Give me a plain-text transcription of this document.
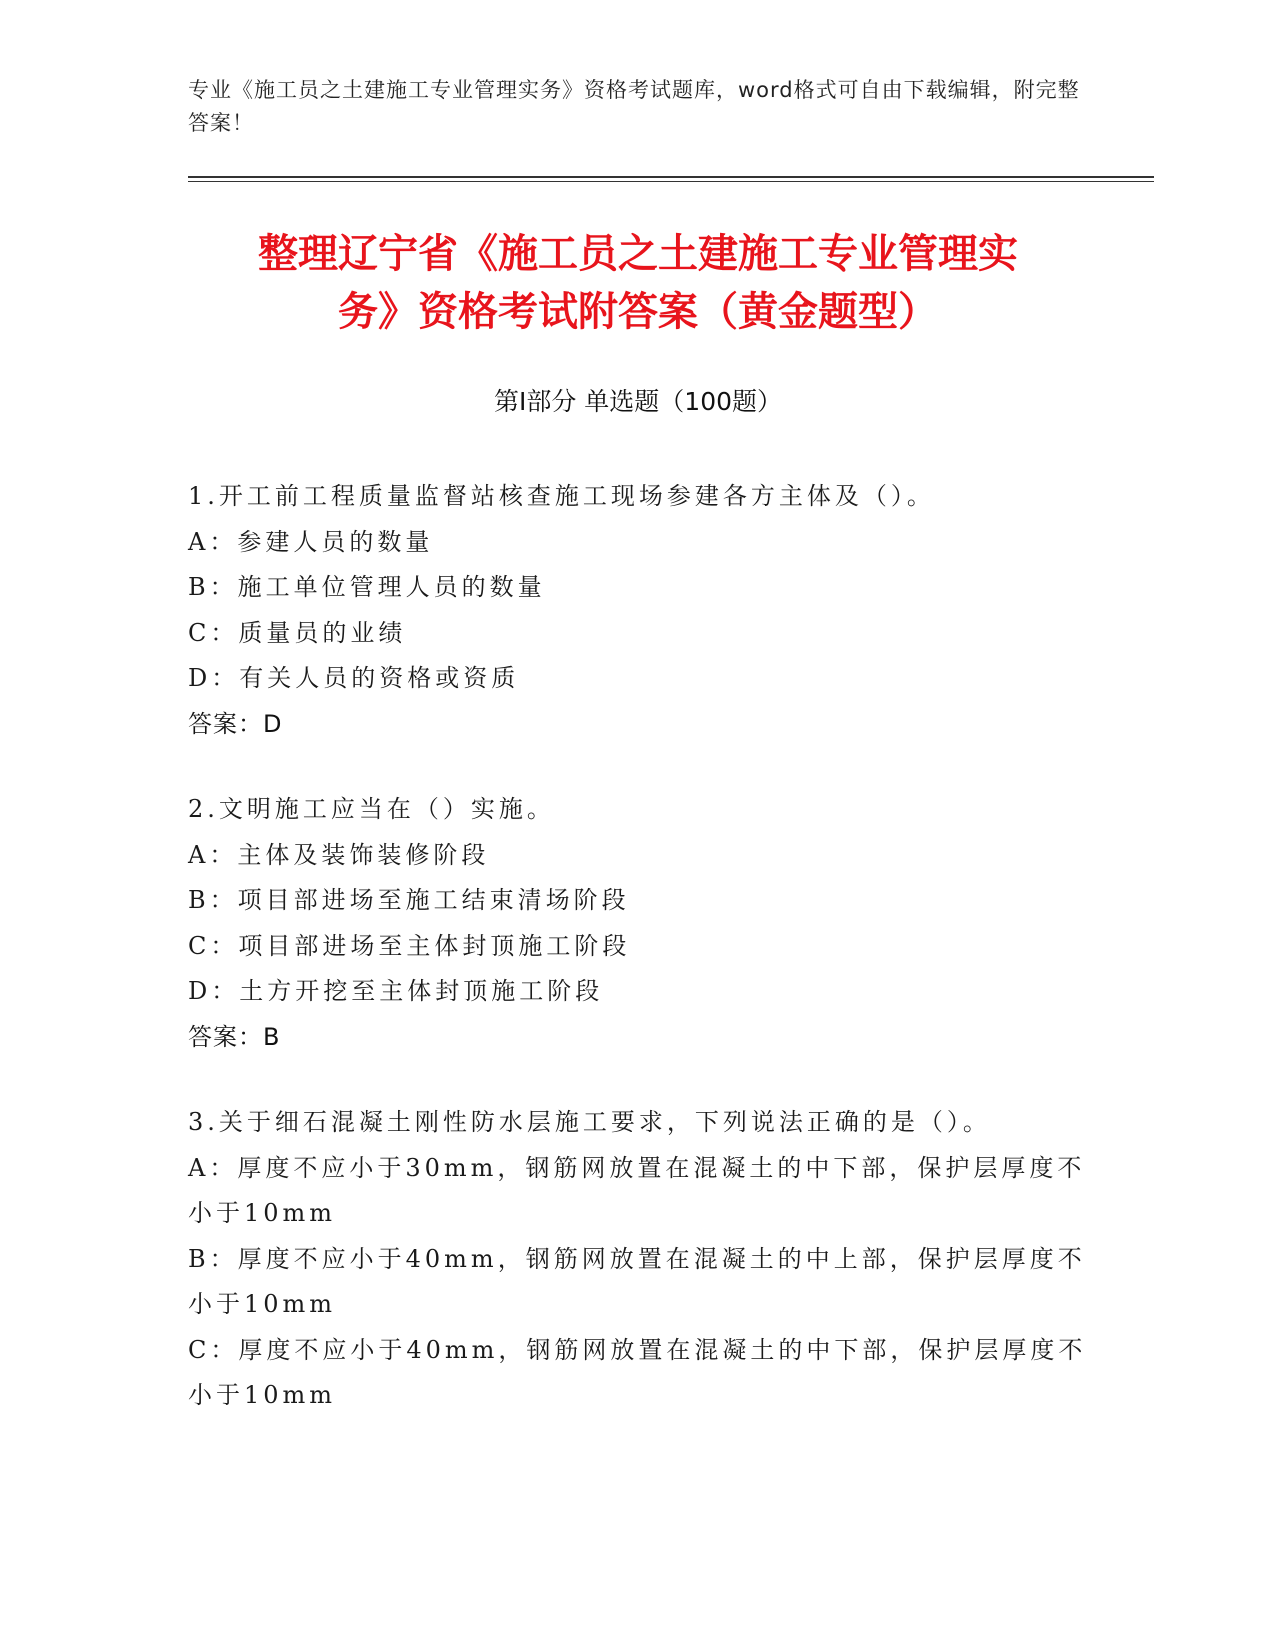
专业《施工员之土建施工专业管理实务》资格考试题库，word格式可自由下载编辑，附完整答案！
整理辽宁省《施工员之土建施工专业管理实
务》资格考试附答案（黄金题型）
第Ⅰ部分 单选题（100题）
1.开工前工程质量监督站核查施工现场参建各方主体及（）。
A：参建人员的数量
B：施工单位管理人员的数量
C：质量员的业绩
D：有关人员的资格或资质
答案：D
2.文明施工应当在（）实施。
A：主体及装饰装修阶段
B：项目部进场至施工结束清场阶段
C：项目部进场至主体封顶施工阶段
D：土方开挖至主体封顶施工阶段
答案：B
3.关于细石混凝土刚性防水层施工要求，下列说法正确的是（）。
A：厚度不应小于30mm，钢筋网放置在混凝土的中下部，保护层厚度不小于10mm
B：厚度不应小于40mm，钢筋网放置在混凝土的中上部，保护层厚度不小于10mm
C：厚度不应小于40mm，钢筋网放置在混凝土的中下部，保护层厚度不小于10mm
